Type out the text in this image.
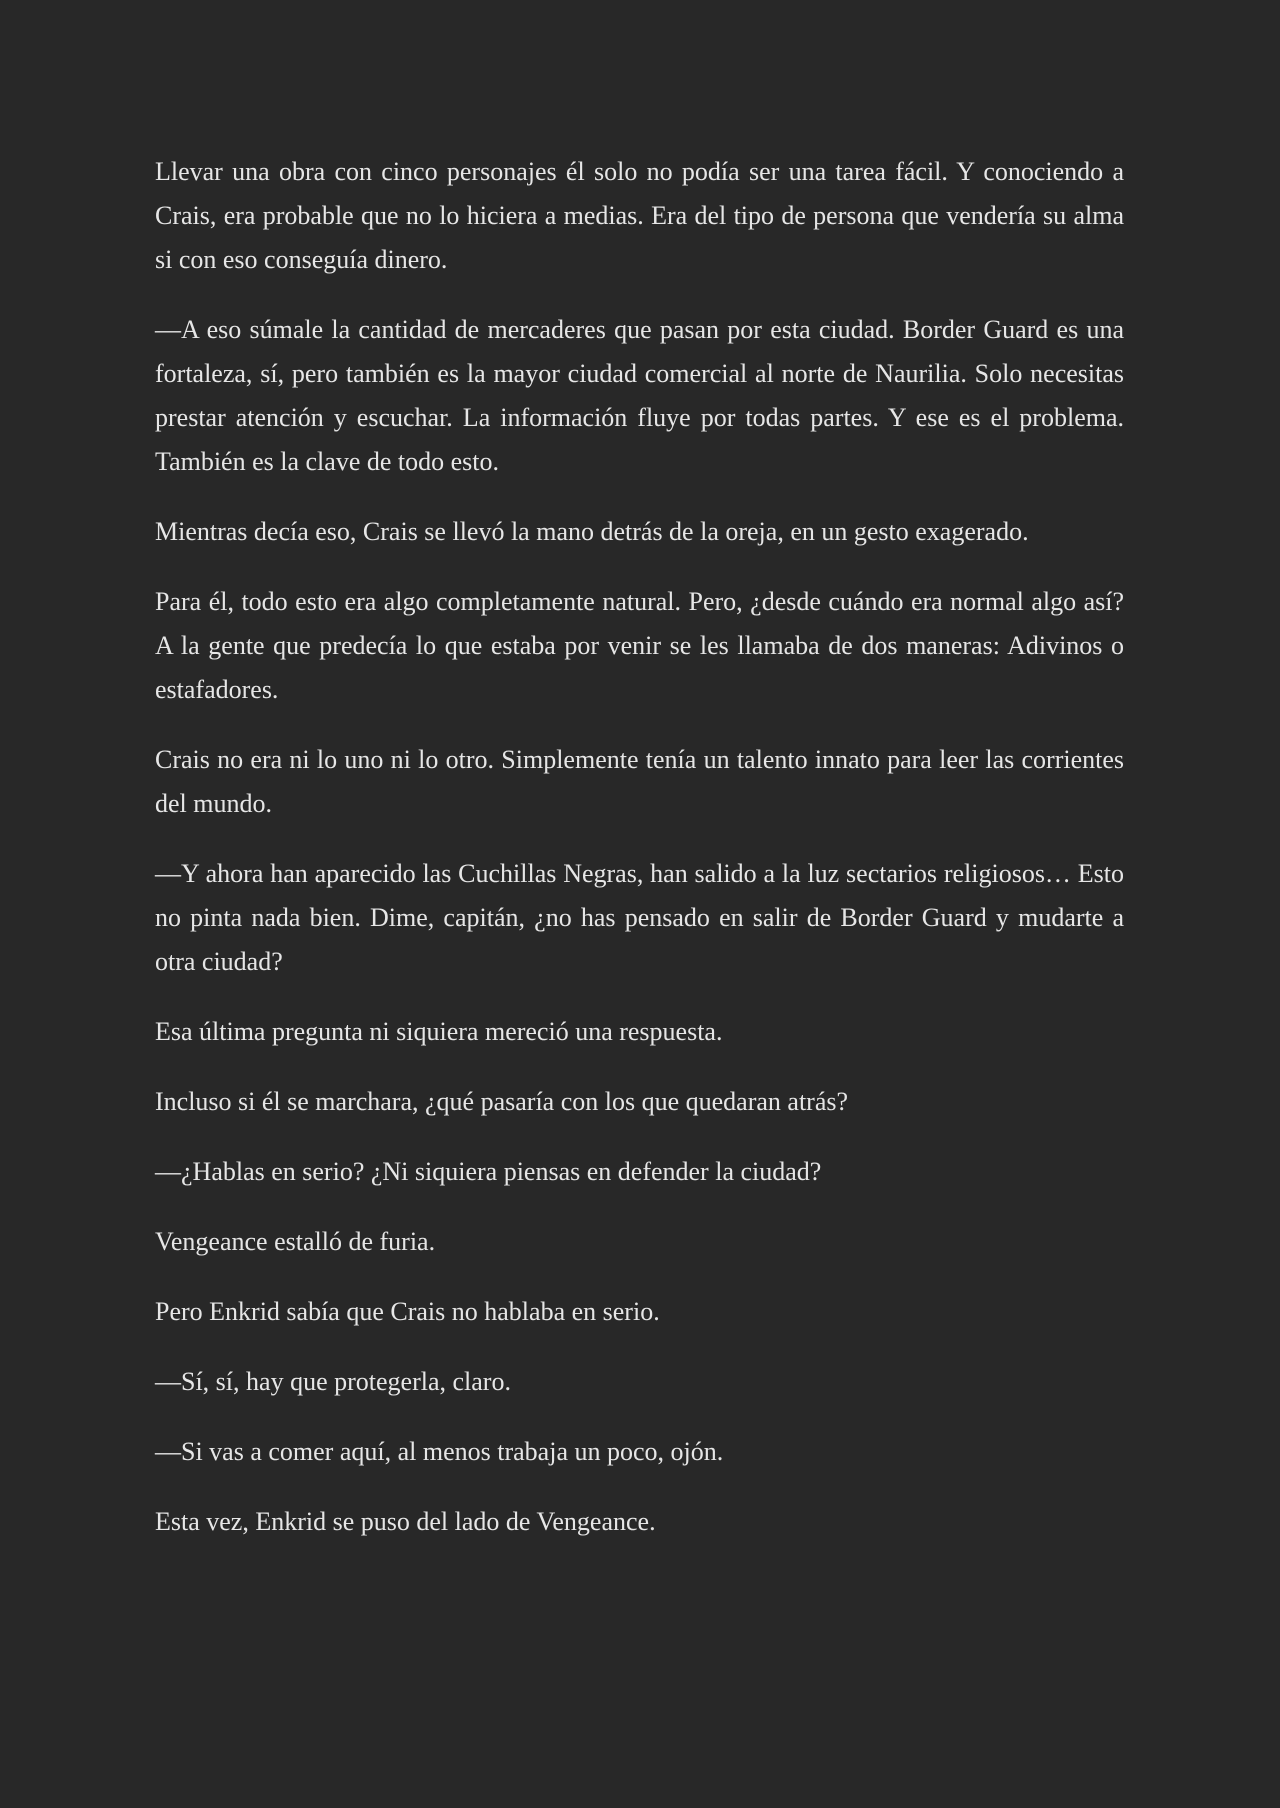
Llevar una obra con cinco personajes él solo no podía ser una tarea fácil. Y conociendo a Crais, era probable que no lo hiciera a medias. Era del tipo de persona que vendería su alma si con eso conseguía dinero.

—A eso súmale la cantidad de mercaderes que pasan por esta ciudad. Border Guard es una fortaleza, sí, pero también es la mayor ciudad comercial al norte de Naurilia. Solo necesitas prestar atención y escuchar. La información fluye por todas partes. Y ese es el problema. También es la clave de todo esto.

Mientras decía eso, Crais se llevó la mano detrás de la oreja, en un gesto exagerado.

Para él, todo esto era algo completamente natural. Pero, ¿desde cuándo era normal algo así? A la gente que predecía lo que estaba por venir se les llamaba de dos maneras: Adivinos o estafadores.

Crais no era ni lo uno ni lo otro. Simplemente tenía un talento innato para leer las corrientes del mundo.

—Y ahora han aparecido las Cuchillas Negras, han salido a la luz sectarios religiosos… Esto no pinta nada bien. Dime, capitán, ¿no has pensado en salir de Border Guard y mudarte a otra ciudad?

Esa última pregunta ni siquiera mereció una respuesta.

Incluso si él se marchara, ¿qué pasaría con los que quedaran atrás?

—¿Hablas en serio? ¿Ni siquiera piensas en defender la ciudad?

Vengeance estalló de furia.

Pero Enkrid sabía que Crais no hablaba en serio.

—Sí, sí, hay que protegerla, claro.

—Si vas a comer aquí, al menos trabaja un poco, ojón.

Esta vez, Enkrid se puso del lado de Vengeance.
